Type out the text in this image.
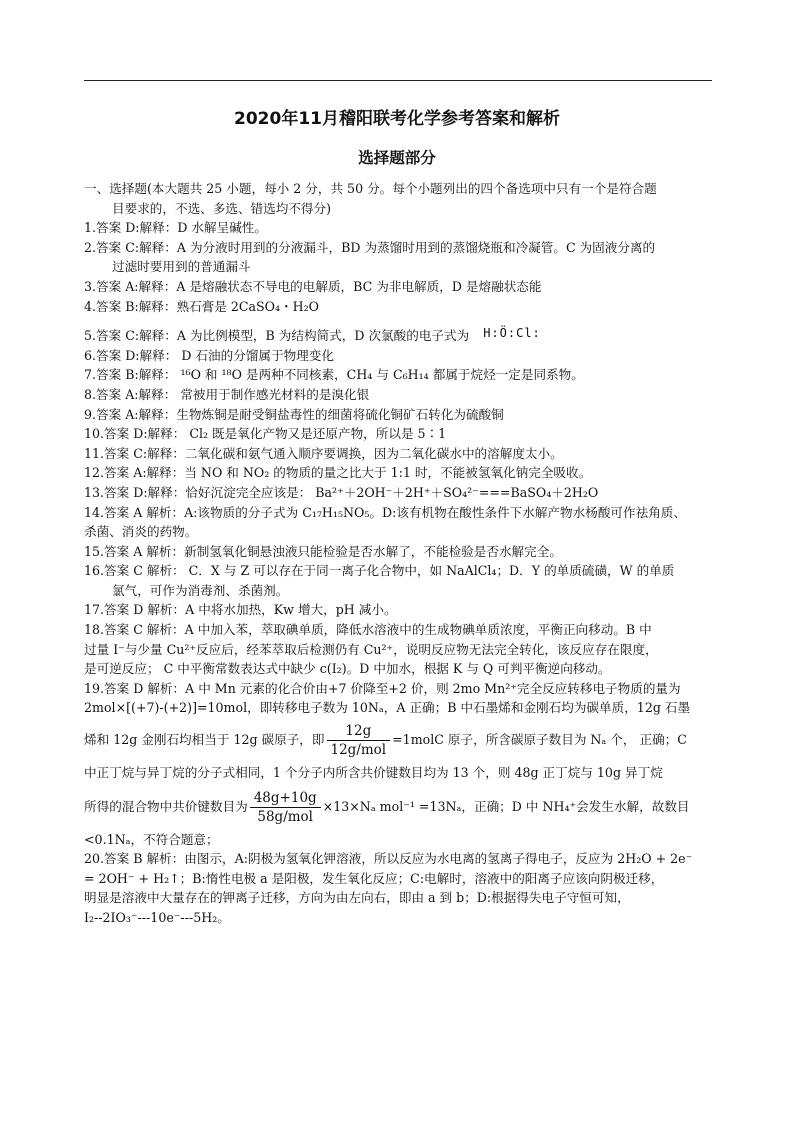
2020年11月稽阳联考化学参考答案和解析
选择题部分

一、选择题(本大题共 25 小题，每小 2 分，共 50 分。每个小题列出的四个备选项中只有一个是符合题

目要求的，不选、多选、错选均不得分)

1.答案 D:解释：D 水解呈碱性。

2.答案 C:解释：A 为分液时用到的分液漏斗，BD 为蒸馏时用到的蒸馏烧瓶和冷凝管。C 为固液分离的

过滤时要用到的普通漏斗

3.答案 A:解释：A 是熔融状态不导电的电解质，BC 为非电解质，D 是熔融状态能

4.答案 B:解释：熟石膏是 2CaSO₄・H₂O

5.答案 C:解释：A 为比例模型，B 为结构简式，D 次氯酸的电子式为 H:Ö:Cl:

6.答案 D:解释： D 石油的分馏属于物理变化

7.答案 B:解释： ¹⁶O 和 ¹⁸O 是两种不同核素，CH₄ 与 C₆H₁₄ 都属于烷烃一定是同系物。

8.答案 A:解释： 常被用于制作感光材料的是溴化银

9.答案 A:解释：生物炼铜是耐受铜盐毒性的细菌将硫化铜矿石转化为硫酸铜

10.答案 D:解释： Cl₂ 既是氧化产物又是还原产物，所以是 5∶1

11.答案 C:解释：二氧化碳和氨气通入顺序要调换，因为二氧化碳水中的溶解度太小。

12.答案 A:解释：当 NO 和 NO₂ 的物质的量之比大于 1:1 时，不能被氢氧化钠完全吸收。

13.答案 D:解释：恰好沉淀完全应该是： Ba²⁺＋2OH⁻＋2H⁺＋SO₄²⁻===BaSO₄＋2H₂O

14.答案 A 解析：A:该物质的分子式为 C₁₇H₁₅NO₅。D:该有机物在酸性条件下水解产物水杨酸可作祛角质、

杀菌、消炎的药物。

15.答案 A 解析：新制氢氧化铜悬浊液只能检验是否水解了，不能检验是否水解完全。

16.答案 C 解析： C．X 与 Z 可以存在于同一离子化合物中，如 NaAlCl₄；D．Y 的单质硫磺，W 的单质

氯气，可作为消毒剂、杀菌剂。

17.答案 D 解析：A 中将水加热，Kw 增大，pH 减小。

18.答案 C 解析：A 中加入苯，萃取碘单质，降低水溶液中的生成物碘单质浓度，平衡正向移动。B 中

过量 I⁻与少量 Cu²⁺反应后，经苯萃取后检测仍有 Cu²⁺，说明反应物无法完全转化，该反应存在限度，

是可逆反应； C 中平衡常数表达式中缺少 c(I₂)。D 中加水，根据 K 与 Q 可判平衡逆向移动。

19.答案 D 解析：A 中 Mn 元素的化合价由+7 价降至+2 价，则 2mo Mn²⁺完全反应转移电子物质的量为

2mol×[(+7)-(+2)]=10mol，即转移电子数为 10Nₐ，A 正确；B 中石墨烯和金刚石均为碳单质，12g 石墨

烯和 12g 金刚石均相当于 12g 碳原子，即 $\frac{12g}{\text{12g/mol}}$ =1molC 原子，所含碳原子数目为 Nₐ 个， 正确；C

中正丁烷与异丁烷的分子式相同，1 个分子内所含共价键数目均为 13 个，则 48g 正丁烷与 10g 异丁烷

所得的混合物中共价键数目为 $\frac{48g+10g}{\text{58g/mol}} \times 13\times N_a$ mol⁻¹ =13Nₐ，正确；D 中 NH₄⁺会发生水解，故数目

<0.1Nₐ，不符合题意；

20.答案 B 解析：由图示，A:阴极为氢氧化钾溶液，所以反应为水电离的氢离子得电子，反应为 2H₂O + 2e⁻

= 2OH⁻ + H₂↑；B:惰性电极 a 是阳极，发生氧化反应；C:电解时，溶液中的阳离子应该向阴极迁移，

明显是溶液中大量存在的钾离子迁移，方向为由左向右，即由 a 到 b；D:根据得失电子守恒可知，

I₂--2IO₃⁻---10e⁻---5H₂。
